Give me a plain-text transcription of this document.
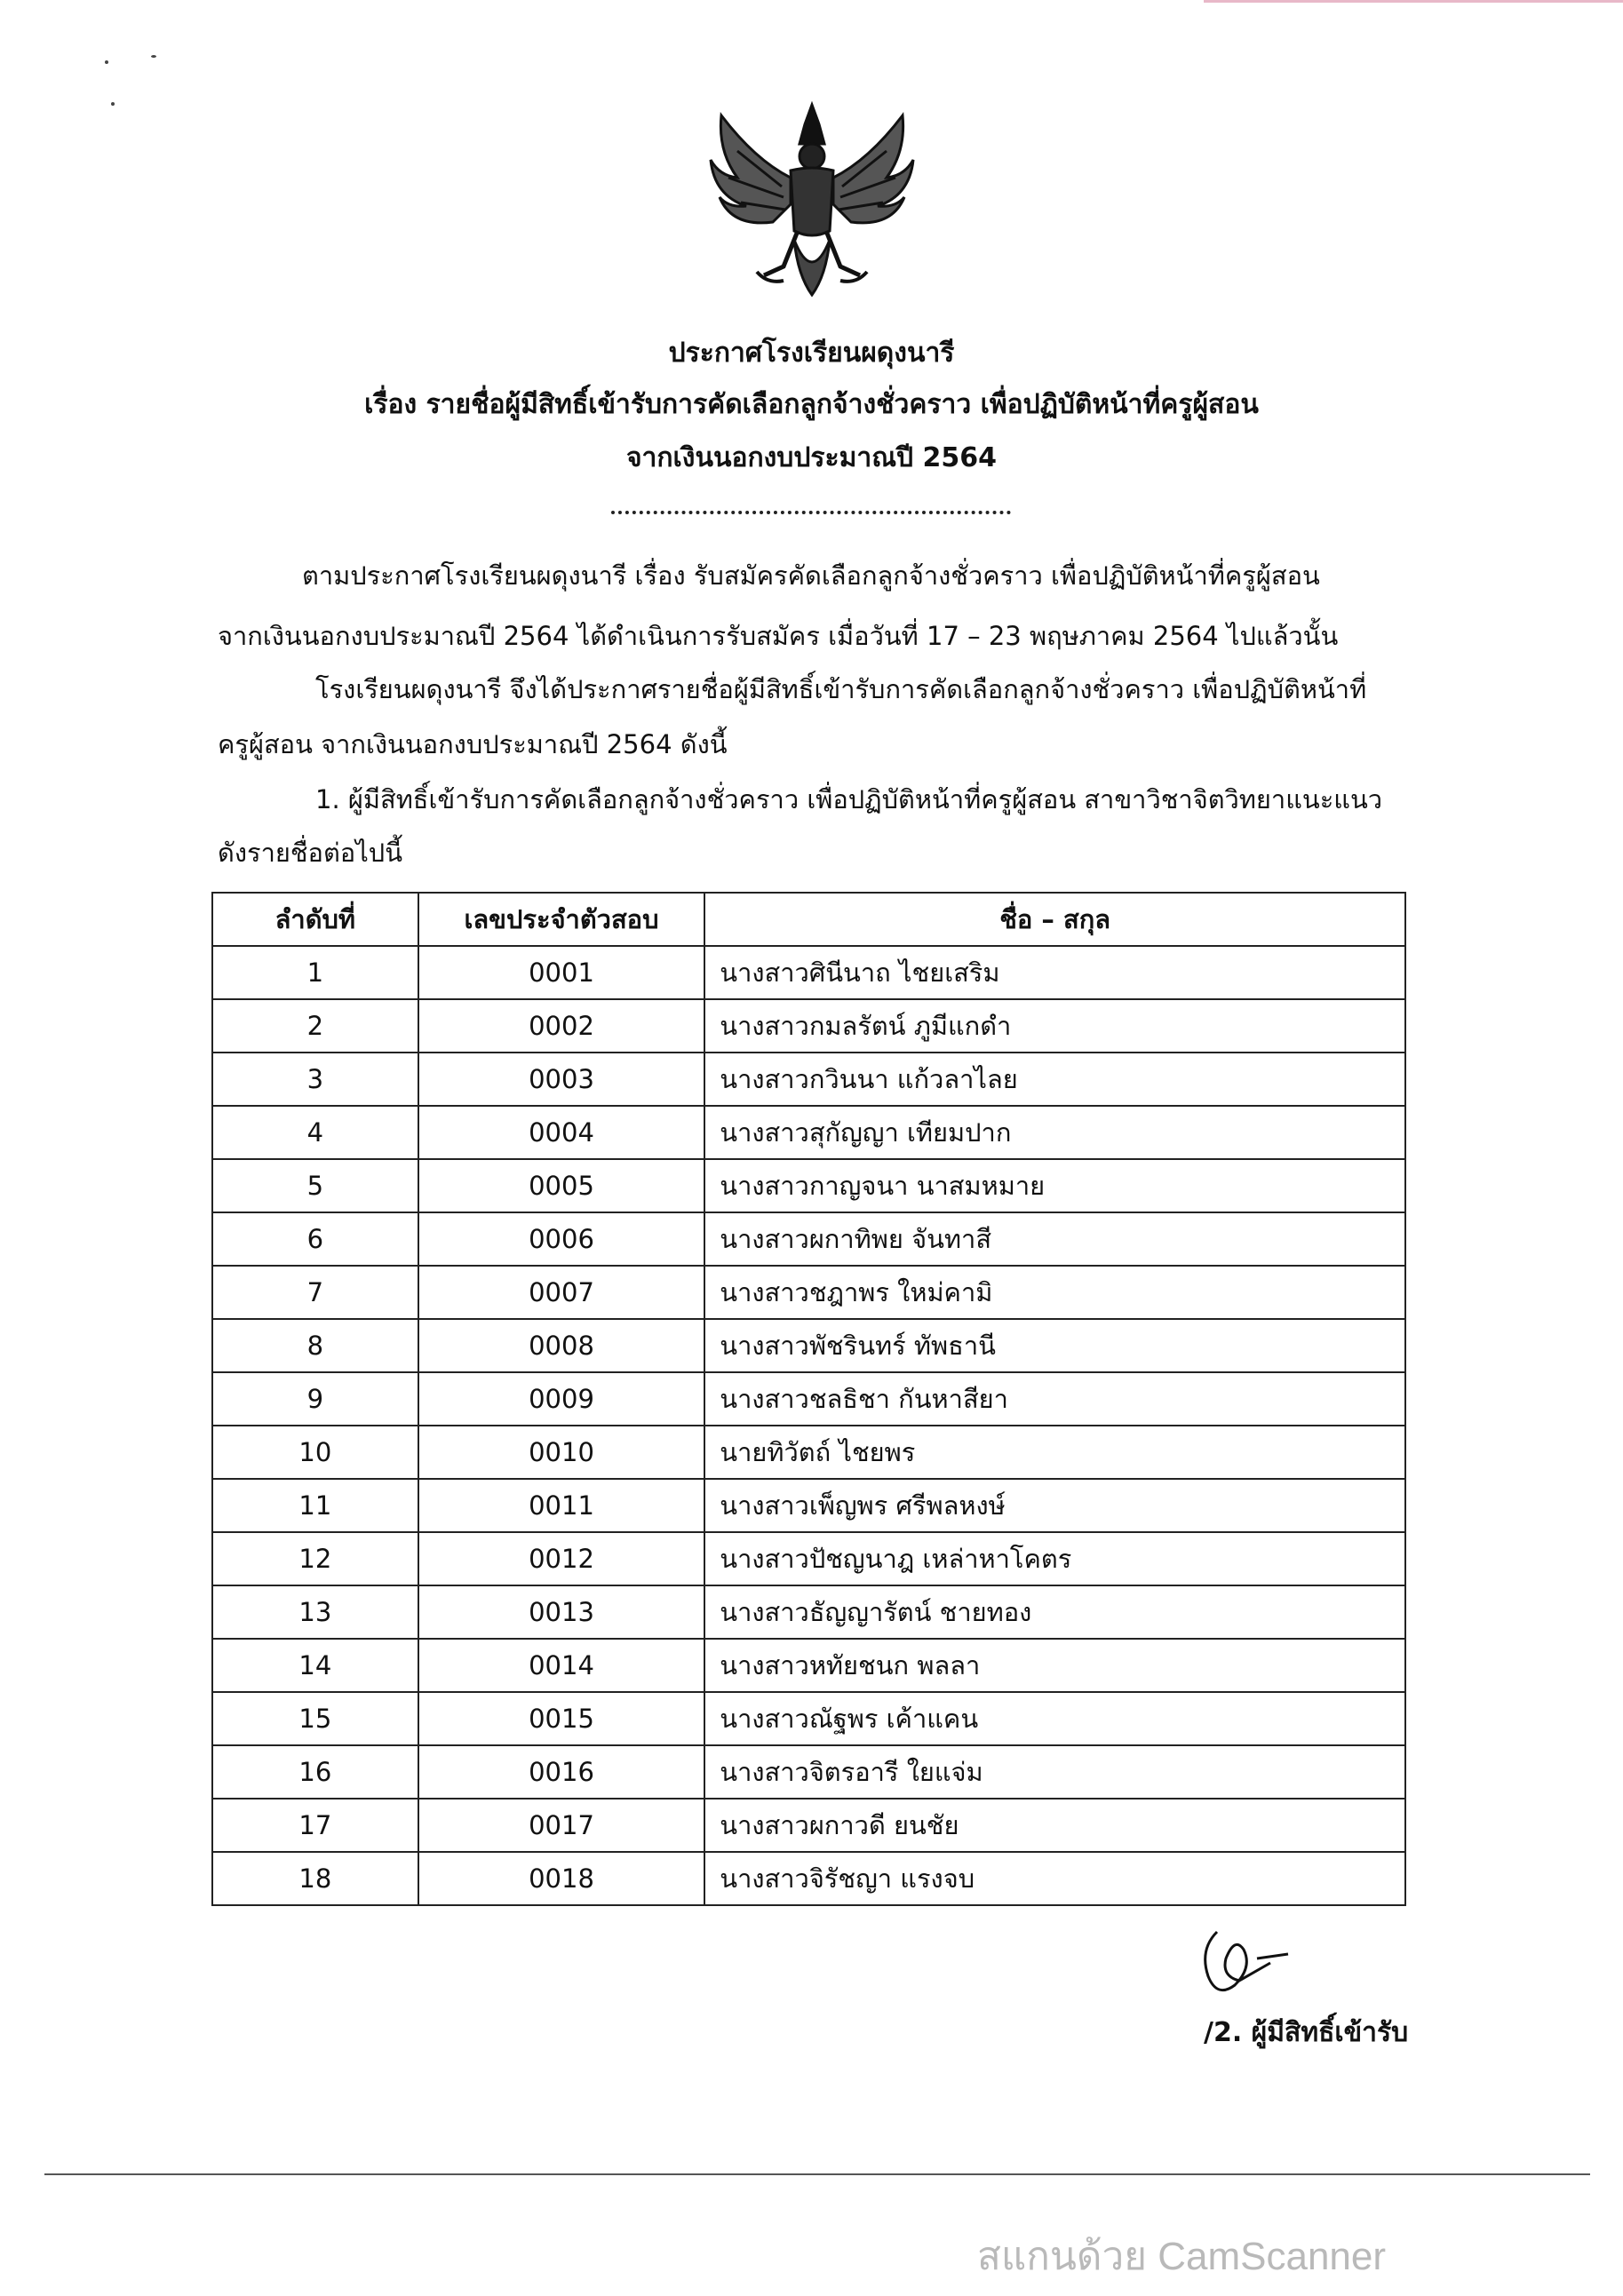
ประกาศโรงเรียนผดุงนารี
เรื่อง รายชื่อผู้มีสิทธิ์เข้ารับการคัดเลือกลูกจ้างชั่วคราว เพื่อปฏิบัติหน้าที่ครูผู้สอน
จากเงินนอกงบประมาณปี 2564
ตามประกาศโรงเรียนผดุงนารี เรื่อง รับสมัครคัดเลือกลูกจ้างชั่วคราว เพื่อปฏิบัติหน้าที่ครูผู้สอน
จากเงินนอกงบประมาณปี 2564 ได้ดำเนินการรับสมัคร เมื่อวันที่ 17 – 23 พฤษภาคม 2564 ไปแล้วนั้น
โรงเรียนผดุงนารี จึงได้ประกาศรายชื่อผู้มีสิทธิ์เข้ารับการคัดเลือกลูกจ้างชั่วคราว เพื่อปฏิบัติหน้าที่
ครูผู้สอน จากเงินนอกงบประมาณปี 2564 ดังนี้
1. ผู้มีสิทธิ์เข้ารับการคัดเลือกลูกจ้างชั่วคราว เพื่อปฏิบัติหน้าที่ครูผู้สอน สาขาวิชาจิตวิทยาแนะแนว
ดังรายชื่อต่อไปนี้
ลำดับที่	เลขประจำตัวสอบ	ชื่อ – สกุล
1	0001	นางสาวศินีนาถ ไชยเสริม
2	0002	นางสาวกมลรัตน์ ภูมีแกดำ
3	0003	นางสาวกวินนา แก้วลาไลย
4	0004	นางสาวสุกัญญา เทียมปาก
5	0005	นางสาวกาญจนา นาสมหมาย
6	0006	นางสาวผกาทิพย จันทาสี
7	0007	นางสาวชฎาพร ใหม่คามิ
8	0008	นางสาวพัชรินทร์ ทัพธานี
9	0009	นางสาวชลธิชา กันหาสียา
10	0010	นายทิวัตถ์ ไชยพร
11	0011	นางสาวเพ็ญพร ศรีพลหงษ์
12	0012	นางสาวปัชญนาฎ เหล่าหาโคตร
13	0013	นางสาวธัญญารัตน์ ชายทอง
14	0014	นางสาวหทัยชนก พลลา
15	0015	นางสาวณัฐพร เค้าแคน
16	0016	นางสาวจิตรอารี ใยแจ่ม
17	0017	นางสาวผกาวดี ยนชัย
18	0018	นางสาวจิรัชญา แรงจบ
/2. ผู้มีสิทธิ์เข้ารับ
สแกนด้วย CamScanner
